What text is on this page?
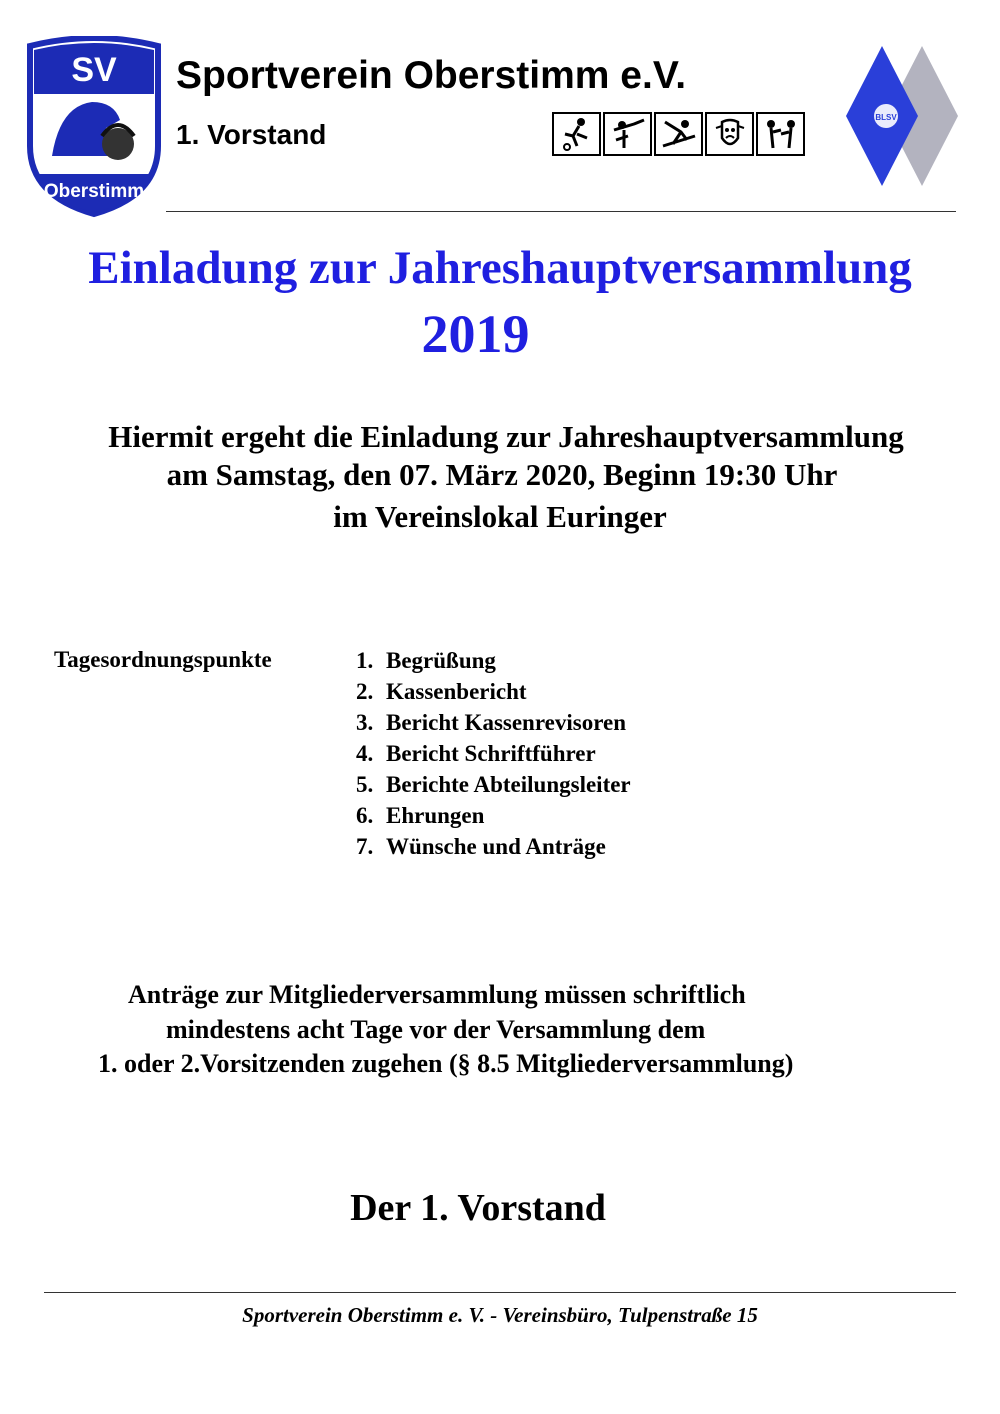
SV
Oberstimm
Sportverein Oberstimm e.V.
1. Vorstand
BLSV
Einladung zur Jahreshauptversammlung
2019
Hiermit ergeht die Einladung zur Jahreshauptversammlung
am Samstag, den 07. März 2020, Beginn 19:30 Uhr
im Vereinslokal Euringer
Tagesordnungspunkte	1. Begrüßung
2. Kassenbericht
3. Bericht Kassenrevisoren
4. Bericht Schriftführer
5. Berichte Abteilungsleiter
6. Ehrungen
7. Wünsche und Anträge
Anträge zur Mitgliederversammlung müssen schriftlich
mindestens acht Tage vor der Versammlung dem
1. oder 2.Vorsitzenden zugehen (§ 8.5 Mitgliederversammlung)
Der 1. Vorstand
Sportverein Oberstimm e. V. - Vereinsbüro, Tulpenstraße 15
